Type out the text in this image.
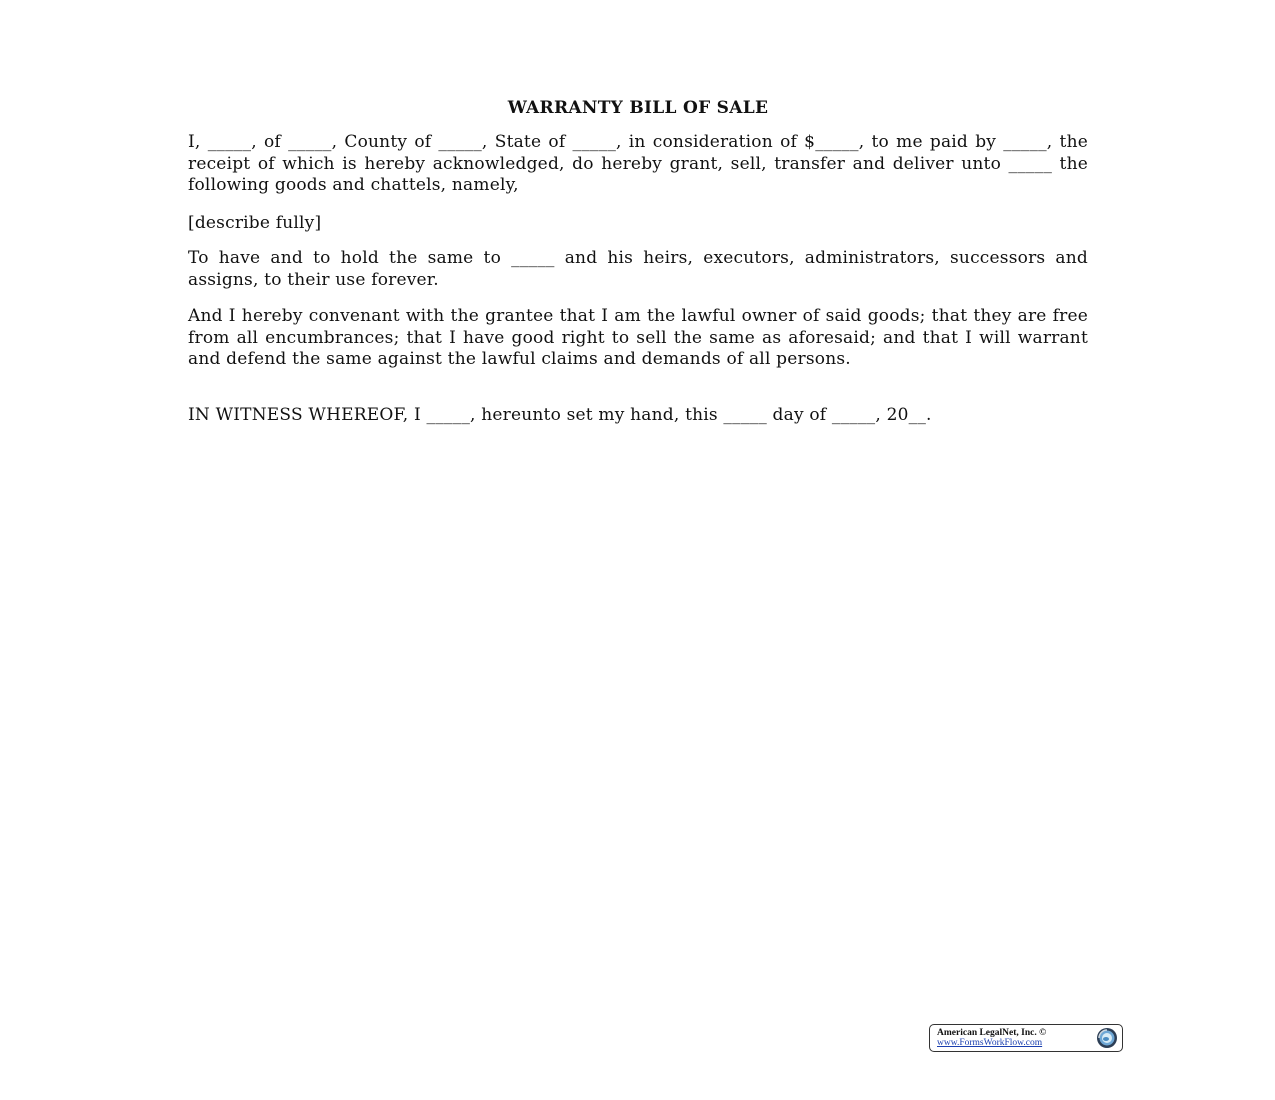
WARRANTY BILL OF SALE

I, _____, of _____, County of _____, State of _____, in consideration of $_____, to me paid by _____, the receipt of which is hereby acknowledged, do hereby grant, sell, transfer and deliver unto _____ the following goods and chattels, namely,

[describe fully]

To have and to hold the same to _____ and his heirs, executors, administrators, successors and assigns, to their use forever.

And I hereby convenant with the grantee that I am the lawful owner of said goods; that they are free from all encumbrances; that I have good right to sell the same as aforesaid; and that I will warrant and defend the same against the lawful claims and demands of all persons.

IN WITNESS WHEREOF, I _____, hereunto set my hand, this _____ day of _____, 20__.

American LegalNet, Inc. ©
www.FormsWorkFlow.com
